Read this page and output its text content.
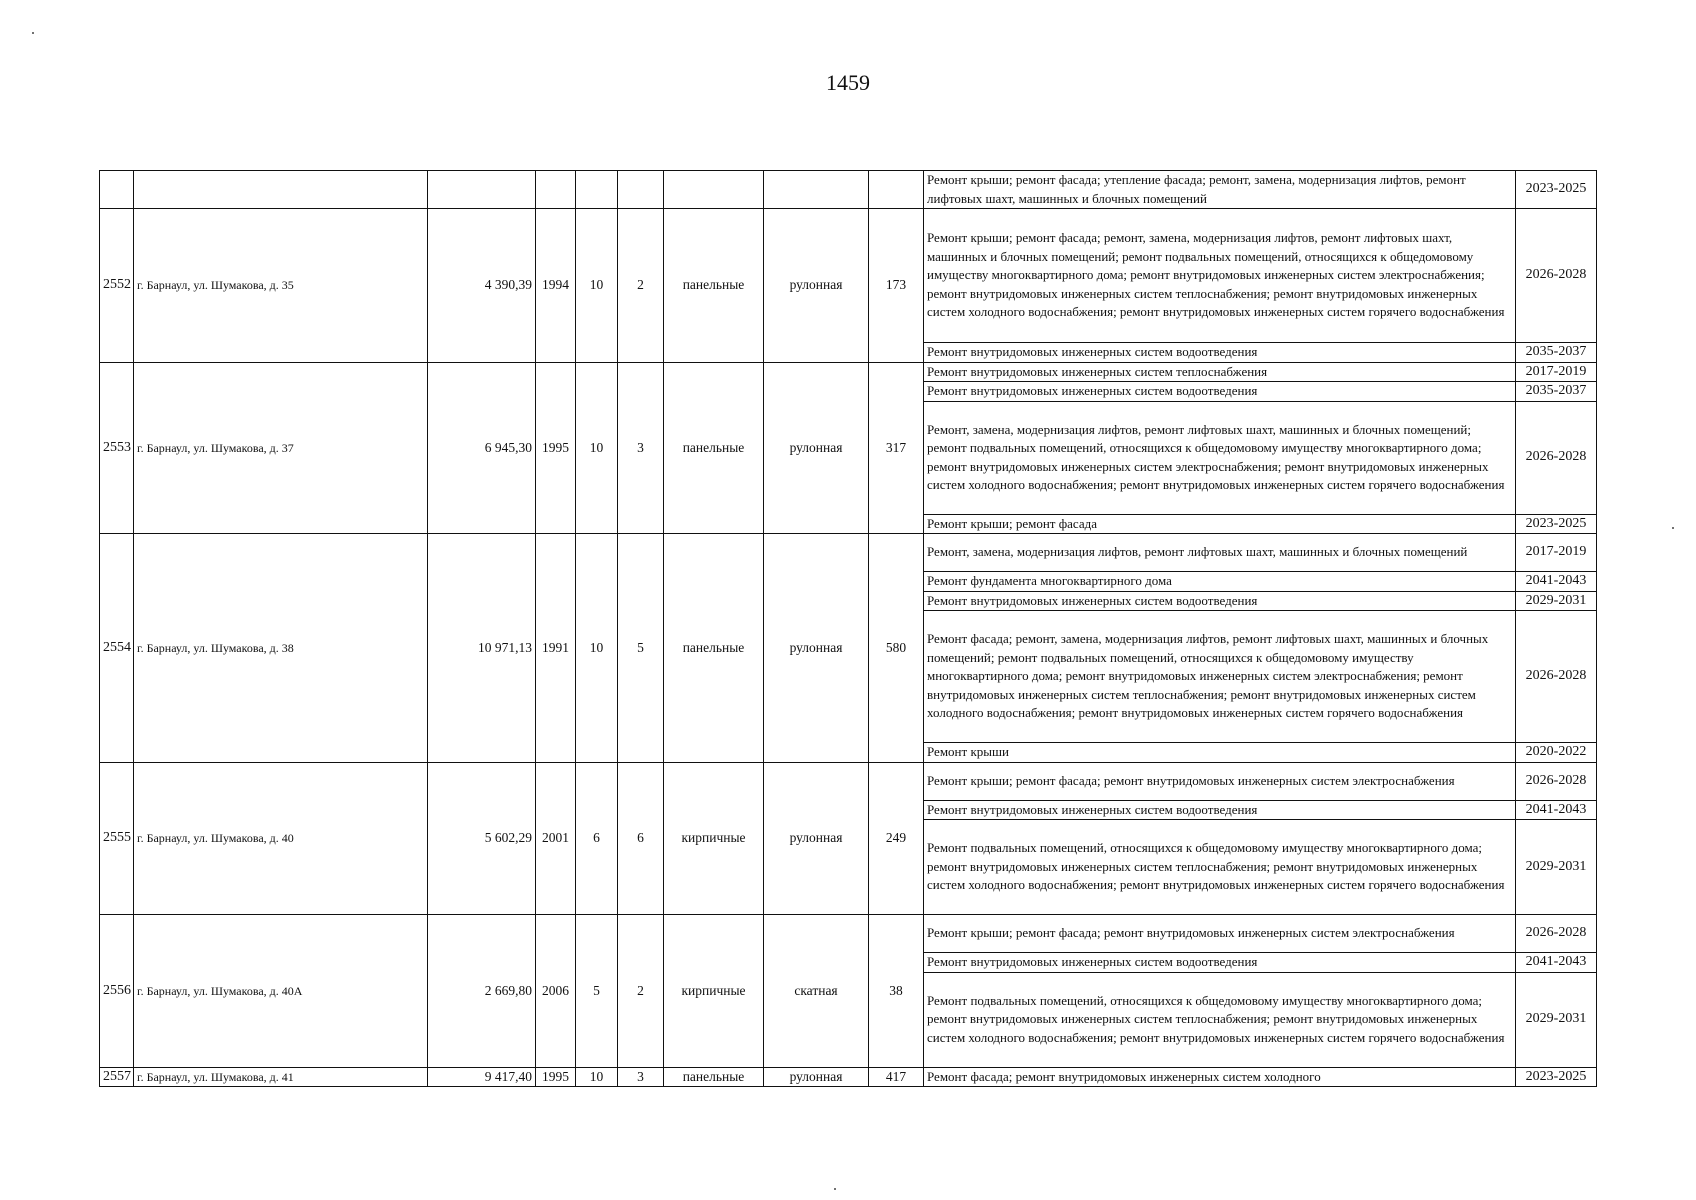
1459
									Ремонт крыши; ремонт фасада; утепление фасада; ремонт, замена, модернизация лифтов, ремонт лифтовых шахт, машинных и блочных помещений	2023-2025
2552	г. Барнаул, ул. Шумакова, д. 35	4 390,39	1994	10	2	панельные	рулонная	173	Ремонт крыши; ремонт фасада; ремонт, замена, модернизация лифтов, ремонт лифтовых шахт, машинных и блочных помещений; ремонт подвальных помещений, относящихся к общедомовому имуществу многоквартирного дома; ремонт внутридомовых инженерных систем электроснабжения; ремонт внутридомовых инженерных систем теплоснабжения; ремонт внутридомовых инженерных систем холодного водоснабжения; ремонт внутридомовых инженерных систем горячего водоснабжения	2026-2028
									Ремонт внутридомовых инженерных систем водоотведения	2035-2037
2553	г. Барнаул, ул. Шумакова, д. 37	6 945,30	1995	10	3	панельные	рулонная	317	Ремонт внутридомовых инженерных систем теплоснабжения	2017-2019
									Ремонт внутридомовых инженерных систем водоотведения	2035-2037
									Ремонт, замена, модернизация лифтов, ремонт лифтовых шахт, машинных и блочных помещений; ремонт подвальных помещений, относящихся к общедомовому имуществу многоквартирного дома; ремонт внутридомовых инженерных систем электроснабжения; ремонт внутридомовых инженерных систем холодного водоснабжения; ремонт внутридомовых инженерных систем горячего водоснабжения	2026-2028
									Ремонт крыши; ремонт фасада	2023-2025
2554	г. Барнаул, ул. Шумакова, д. 38	10 971,13	1991	10	5	панельные	рулонная	580	Ремонт, замена, модернизация лифтов, ремонт лифтовых шахт, машинных и блочных помещений	2017-2019
									Ремонт фундамента многоквартирного дома	2041-2043
									Ремонт внутридомовых инженерных систем водоотведения	2029-2031
									Ремонт фасада; ремонт, замена, модернизация лифтов, ремонт лифтовых шахт, машинных и блочных помещений; ремонт подвальных помещений, относящихся к общедомовому имуществу многоквартирного дома; ремонт внутридомовых инженерных систем электроснабжения; ремонт внутридомовых инженерных систем теплоснабжения; ремонт внутридомовых инженерных систем холодного водоснабжения; ремонт внутридомовых инженерных систем горячего водоснабжения	2026-2028
									Ремонт крыши	2020-2022
2555	г. Барнаул, ул. Шумакова, д. 40	5 602,29	2001	6	6	кирпичные	рулонная	249	Ремонт крыши; ремонт фасада; ремонт внутридомовых инженерных систем электроснабжения	2026-2028
									Ремонт внутридомовых инженерных систем водоотведения	2041-2043
									Ремонт подвальных помещений, относящихся к общедомовому имуществу многоквартирного дома; ремонт внутридомовых инженерных систем теплоснабжения; ремонт внутридомовых инженерных систем холодного водоснабжения; ремонт внутридомовых инженерных систем горячего водоснабжения	2029-2031
2556	г. Барнаул, ул. Шумакова, д. 40А	2 669,80	2006	5	2	кирпичные	скатная	38	Ремонт крыши; ремонт фасада; ремонт внутридомовых инженерных систем электроснабжения	2026-2028
									Ремонт внутридомовых инженерных систем водоотведения	2041-2043
									Ремонт подвальных помещений, относящихся к общедомовому имуществу многоквартирного дома; ремонт внутридомовых инженерных систем теплоснабжения; ремонт внутридомовых инженерных систем холодного водоснабжения; ремонт внутридомовых инженерных систем горячего водоснабжения	2029-2031
2557	г. Барнаул, ул. Шумакова, д. 41	9 417,40	1995	10	3	панельные	рулонная	417	Ремонт фасада; ремонт внутридомовых инженерных систем холодного	2023-2025
